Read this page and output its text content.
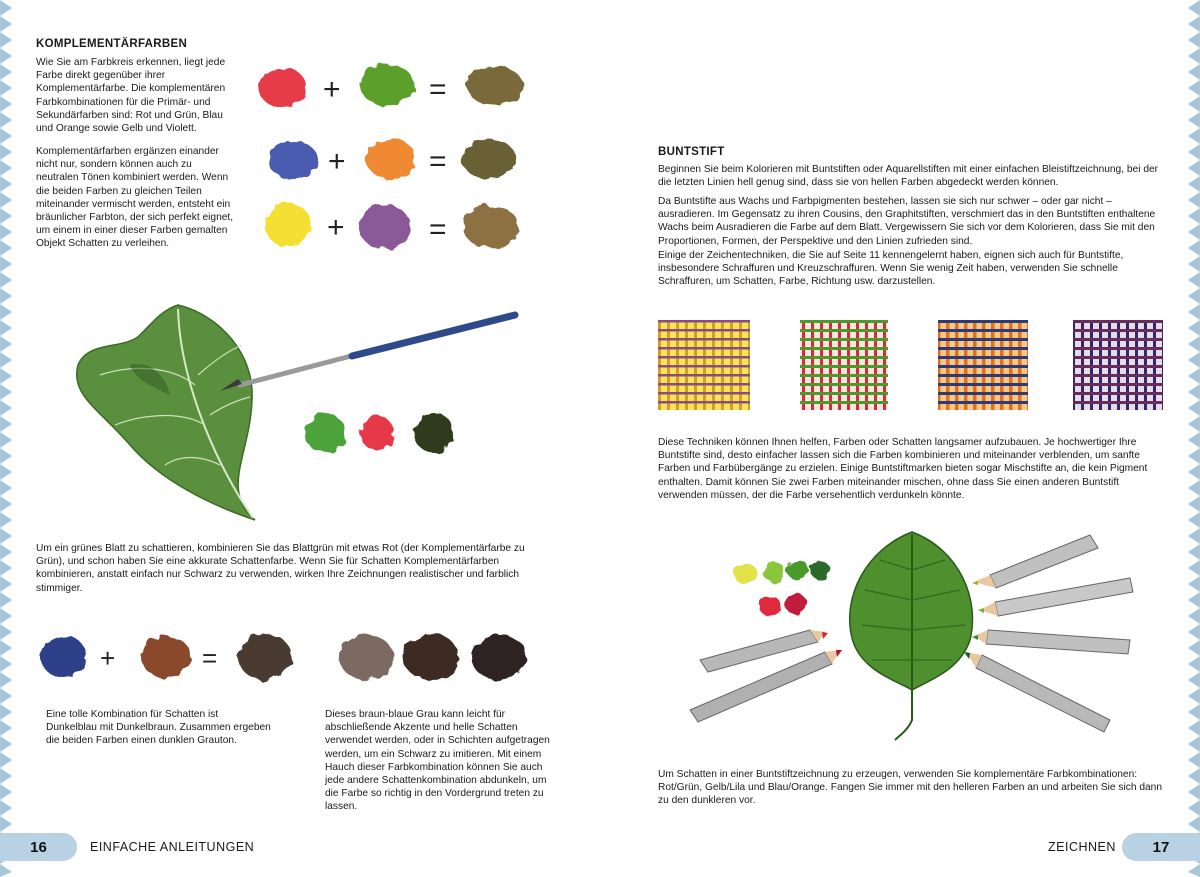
KOMPLEMENTÄRFARBEN

Wie Sie am Farbkreis erkennen, liegt jede Farbe direkt gegenüber ihrer Komplementärfarbe. Die komplementären Farbkombinationen für die Primär- und Sekundärfarben sind: Rot und Grün, Blau und Orange sowie Gelb und Violett.

Komplementärfarben ergänzen einander nicht nur, sondern können auch zu neutralen Tönen kombiniert werden. Wenn die beiden Farben zu gleichen Teilen miteinander vermischt werden, entsteht ein bräunlicher Farbton, der sich perfekt eignet, um einem in einer dieser Farben gemalten Objekt Schatten zu verleihen.

+	=
+	=
+	=

Um ein grünes Blatt zu schattieren, kombinieren Sie das Blattgrün mit etwas Rot (der Komplementärfarbe zu Grün), und schon haben Sie eine akkurate Schattenfarbe. Wenn Sie für Schatten Komplementärfarben kombinieren, anstatt einfach nur Schwarz zu verwenden, wirken Ihre Zeichnungen realistischer und farblich stimmiger.

+	=

Eine tolle Kombination für Schatten ist Dunkelblau mit Dunkelbraun. Zusammen ergeben die beiden Farben einen dunklen Grauton.

Dieses braun-blaue Grau kann leicht für abschließende Akzente und helle Schatten verwendet werden, oder in Schichten aufgetragen werden, um ein Schwarz zu imitieren. Mit einem Hauch dieser Farbkombination können Sie auch jede andere Schattenkombination abdunkeln, um die Farbe so richtig in den Vordergrund treten zu lassen.

16	EINFACHE ANLEITUNGEN
BUNTSTIFT

Beginnen Sie beim Kolorieren mit Buntstiften oder Aquarellstiften mit einer einfachen Bleistiftzeichnung, bei der die letzten Linien hell genug sind, dass sie von hellen Farben abgedeckt werden können.

Da Buntstifte aus Wachs und Farbpigmenten bestehen, lassen sie sich nur schwer – oder gar nicht – ausradieren. Im Gegensatz zu ihren Cousins, den Graphitstiften, verschmiert das in den Buntstiften enthaltene Wachs beim Ausradieren die Farbe auf dem Blatt. Vergewissern Sie sich vor dem Kolorieren, dass Sie mit den Proportionen, Formen, der Perspektive und den Linien zufrieden sind.

Einige der Zeichentechniken, die Sie auf Seite 11 kennengelernt haben, eignen sich auch für Buntstifte, insbesondere Schraffuren und Kreuzschraffuren. Wenn Sie wenig Zeit haben, verwenden Sie schnelle Schraffuren, um Schatten, Farbe, Richtung usw. darzustellen.

Diese Techniken können Ihnen helfen, Farben oder Schatten langsamer aufzubauen. Je hochwertiger Ihre Buntstifte sind, desto einfacher lassen sich die Farben kombinieren und miteinander verblenden, um sanfte Farben und Farbübergänge zu erzielen. Einige Buntstiftmarken bieten sogar Mischstifte an, die kein Pigment enthalten. Damit können Sie zwei Farben miteinander mischen, ohne dass Sie einen anderen Buntstift verwenden müssen, der die Farbe versehentlich verdunkeln könnte.

Um Schatten in einer Buntstiftzeichnung zu erzeugen, verwenden Sie komplementäre Farbkombinationen: Rot/Grün, Gelb/Lila und Blau/Orange. Fangen Sie immer mit den helleren Farben an und arbeiten Sie sich dann zu den dunkleren vor.

ZEICHNEN	17
